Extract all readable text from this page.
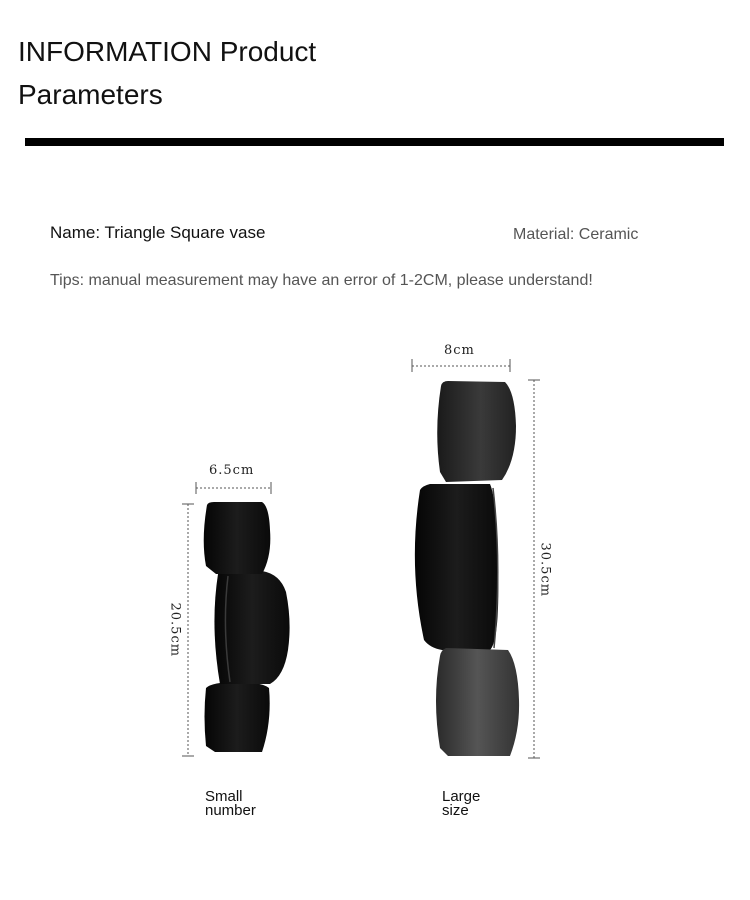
INFORMATION Product
Parameters
Name: Triangle Square vase	Material: Ceramic
Tips: manual measurement may have an error of 1-2CM, please understand!
6.5cm
20.5cm
8cm
30.5cm
Small
number
Large
size
